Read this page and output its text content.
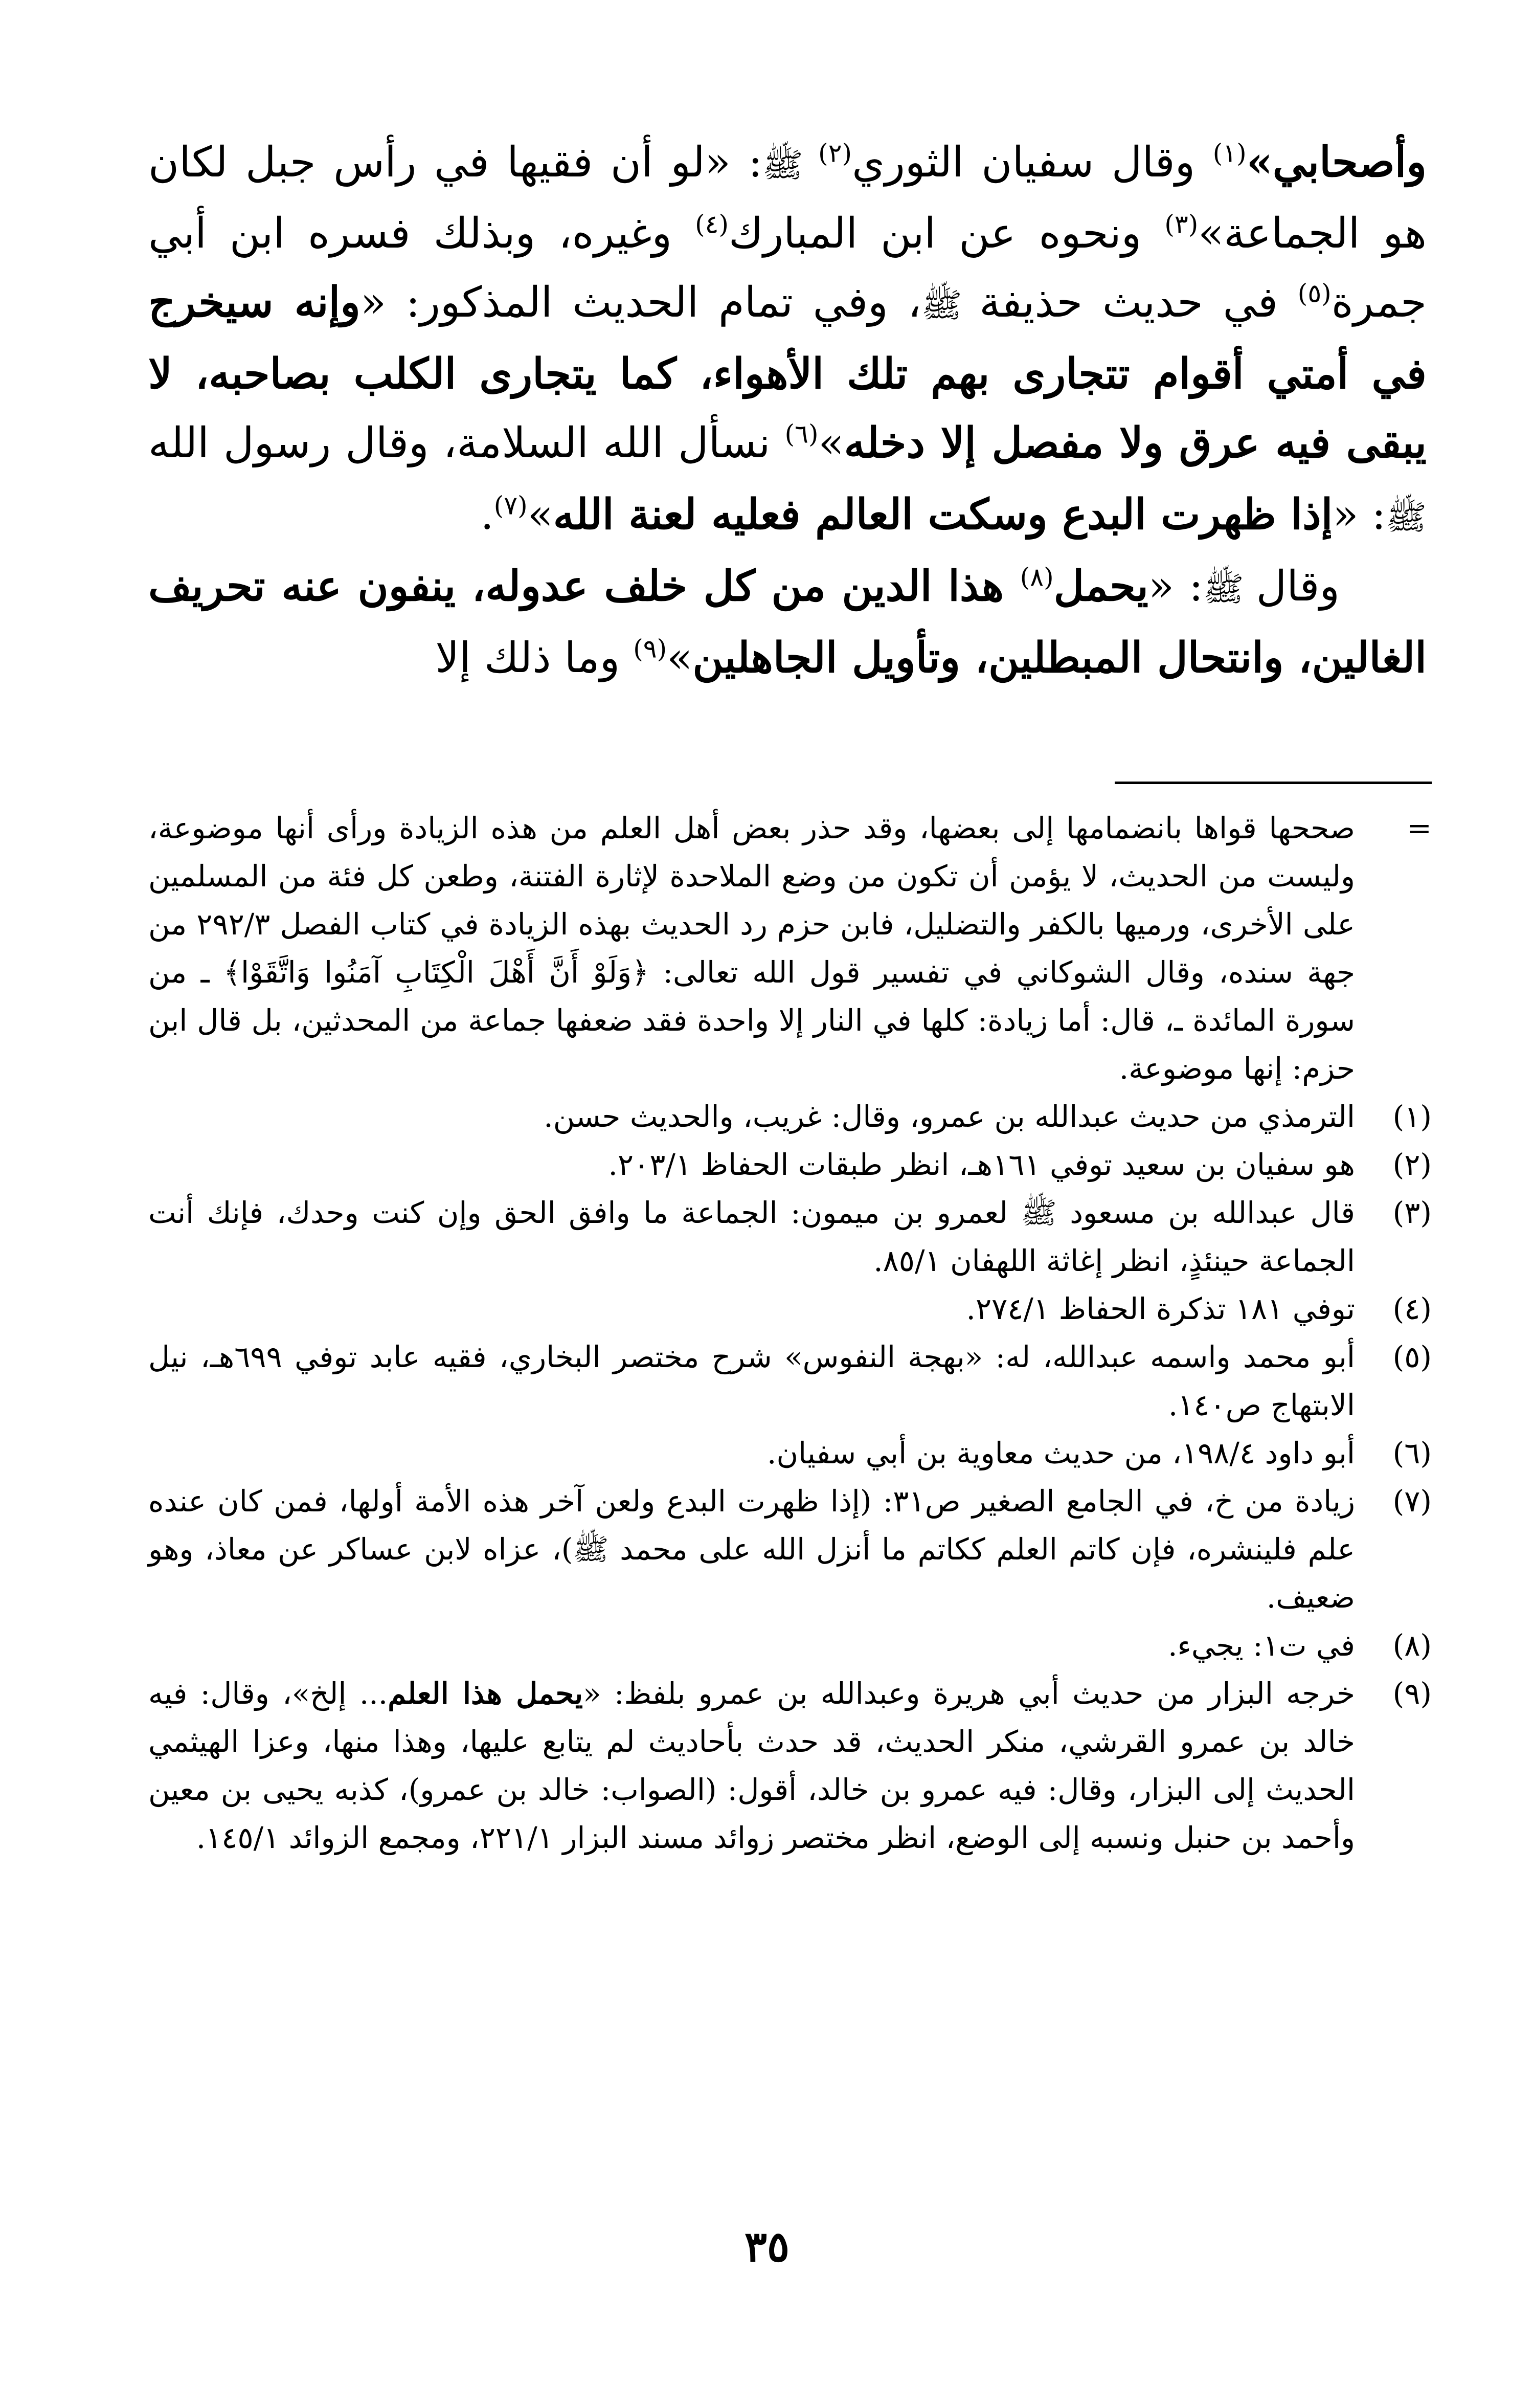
وأصحابي»$^{(١)}$ وقال سفيان الثوري$^{(٢)}$ ﷺ: «لو أن فقيها في رأس جبل لكان هو الجماعة»$^{(٣)}$ ونحوه عن ابن المبارك$^{(٤)}$ وغيره، وبذلك فسره ابن أبي جمرة$^{(٥)}$ في حديث حذيفة ﷺ، وفي تمام الحديث المذكور: «وإنه سيخرج في أمتي أقوام تتجارى بهم تلك الأهواء، كما يتجارى الكلب بصاحبه، لا يبقى فيه عرق ولا مفصل إلا دخله»$^{(٦)}$ نسأل الله السلامة، وقال رسول الله ﷺ: «إذا ظهرت البدع وسكت العالم فعليه لعنة الله»$^{(٧)}$.

وقال ﷺ: «يحمل$^{(٨)}$ هذا الدين من كل خلف عدوله، ينفون عنه تحريف الغالين، وانتحال المبطلين، وتأويل الجاهلين»$^{(٩)}$ وما ذلك إلا

=
صححها قواها بانضمامها إلى بعضها، وقد حذر بعض أهل العلم من هذه الزيادة ورأى أنها موضوعة، وليست من الحديث، لا يؤمن أن تكون من وضع الملاحدة لإثارة الفتنة، وطعن كل فئة من المسلمين على الأخرى، ورميها بالكفر والتضليل، فابن حزم رد الحديث بهذه الزيادة في كتاب الفصل ٢٩٢/٣ من جهة سنده، وقال الشوكاني في تفسير قول الله تعالى: ﴿وَلَوْ أَنَّ أَهْلَ الْكِتَابِ آمَنُوا وَاتَّقَوْا﴾ ـ من سورة المائدة ـ، قال: أما زيادة: كلها في النار إلا واحدة فقد ضعفها جماعة من المحدثين، بل قال ابن حزم: إنها موضوعة.
(١)
الترمذي من حديث عبدالله بن عمرو، وقال: غريب، والحديث حسن.
(٢)
هو سفيان بن سعيد توفي ١٦١هـ، انظر طبقات الحفاظ ٢٠٣/١.
(٣)
قال عبدالله بن مسعود ﷺ لعمرو بن ميمون: الجماعة ما وافق الحق وإن كنت وحدك، فإنك أنت الجماعة حينئذٍ، انظر إغاثة اللهفان ٨٥/١.
(٤)
توفي ١٨١ تذكرة الحفاظ ٢٧٤/١.
(٥)
أبو محمد واسمه عبدالله، له: «بهجة النفوس» شرح مختصر البخاري، فقيه عابد توفي ٦٩٩هـ، نيل الابتهاج ص١٤٠.
(٦)
أبو داود ١٩٨/٤، من حديث معاوية بن أبي سفيان.
(٧)
زيادة من خ، في الجامع الصغير ص٣١: (إذا ظهرت البدع ولعن آخر هذه الأمة أولها، فمن كان عنده علم فلينشره، فإن كاتم العلم ككاتم ما أنزل الله على محمد ﷺ)، عزاه لابن عساكر عن معاذ، وهو ضعيف.
(٨)
في ت١: يجيء.
(٩)
خرجه البزار من حديث أبي هريرة وعبدالله بن عمرو بلفظ: «يحمل هذا العلم... إلخ»، وقال: فيه خالد بن عمرو القرشي، منكر الحديث، قد حدث بأحاديث لم يتابع عليها، وهذا منها، وعزا الهيثمي الحديث إلى البزار، وقال: فيه عمرو بن خالد، أقول: (الصواب: خالد بن عمرو)، كذبه يحيى بن معين وأحمد بن حنبل ونسبه إلى الوضع، انظر مختصر زوائد مسند البزار ٢٢١/١، ومجمع الزوائد ١٤٥/١.
٣٥
